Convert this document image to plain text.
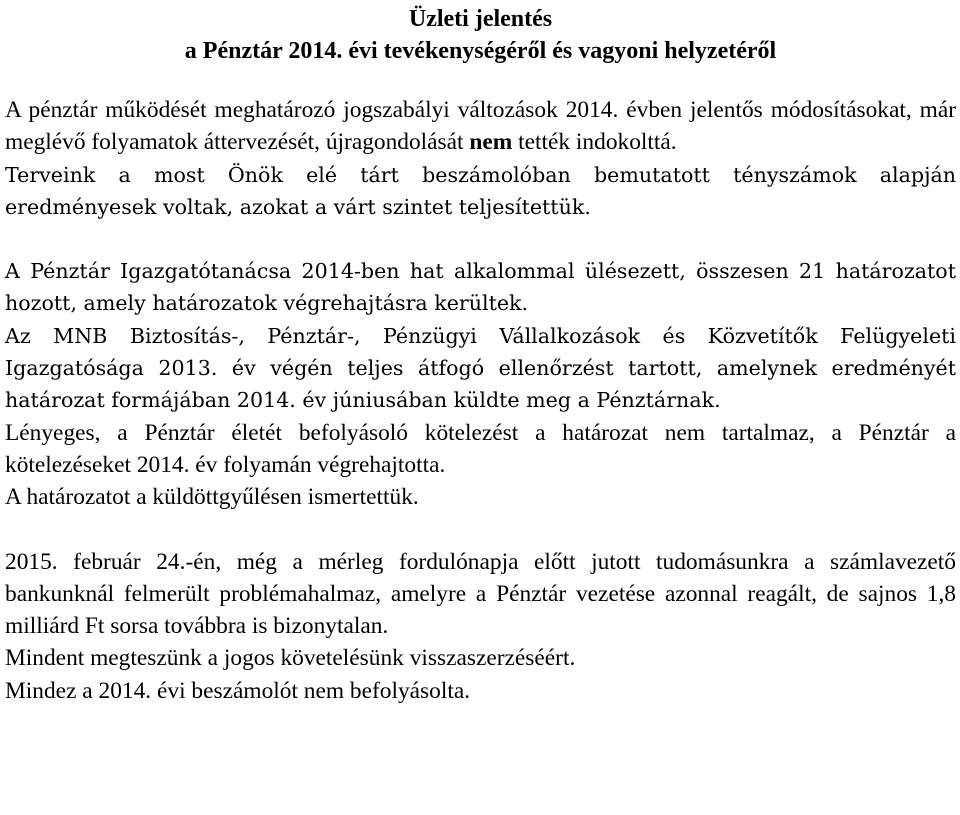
Üzleti jelentés

a Pénztár 2014. évi tevékenységéről és vagyoni helyzetéről

A pénztár működését meghatározó jogszabályi változások 2014. évben jelentős módosításokat, már meglévő folyamatok áttervezését, újragondolását nem tették indokolttá.

Terveink a most Önök elé tárt beszámolóban bemutatott tényszámok alapján eredményesek voltak, azokat a várt szintet teljesítettük.

A Pénztár Igazgatótanácsa 2014-ben hat alkalommal ülésezett, összesen 21 határozatot hozott, amely határozatok végrehajtásra kerültek.

Az MNB Biztosítás-, Pénztár-, Pénzügyi Vállalkozások és Közvetítők Felügyeleti Igazgatósága 2013. év végén teljes átfogó ellenőrzést tartott, amelynek eredményét határozat formájában 2014. év júniusában küldte meg a Pénztárnak.

Lényeges, a Pénztár életét befolyásoló kötelezést a határozat nem tartalmaz, a Pénztár a kötelezéseket 2014. év folyamán végrehajtotta.

A határozatot a küldöttgyűlésen ismertettük.

2015. február 24.-én, még a mérleg fordulónapja előtt jutott tudomásunkra a számlavezető bankunknál felmerült problémahalmaz, amelyre a Pénztár vezetése azonnal reagált, de sajnos 1,8 milliárd Ft sorsa továbbra is bizonytalan.

Mindent megteszünk a jogos követelésünk visszaszerzéséért.

Mindez a 2014. évi beszámolót nem befolyásolta.
